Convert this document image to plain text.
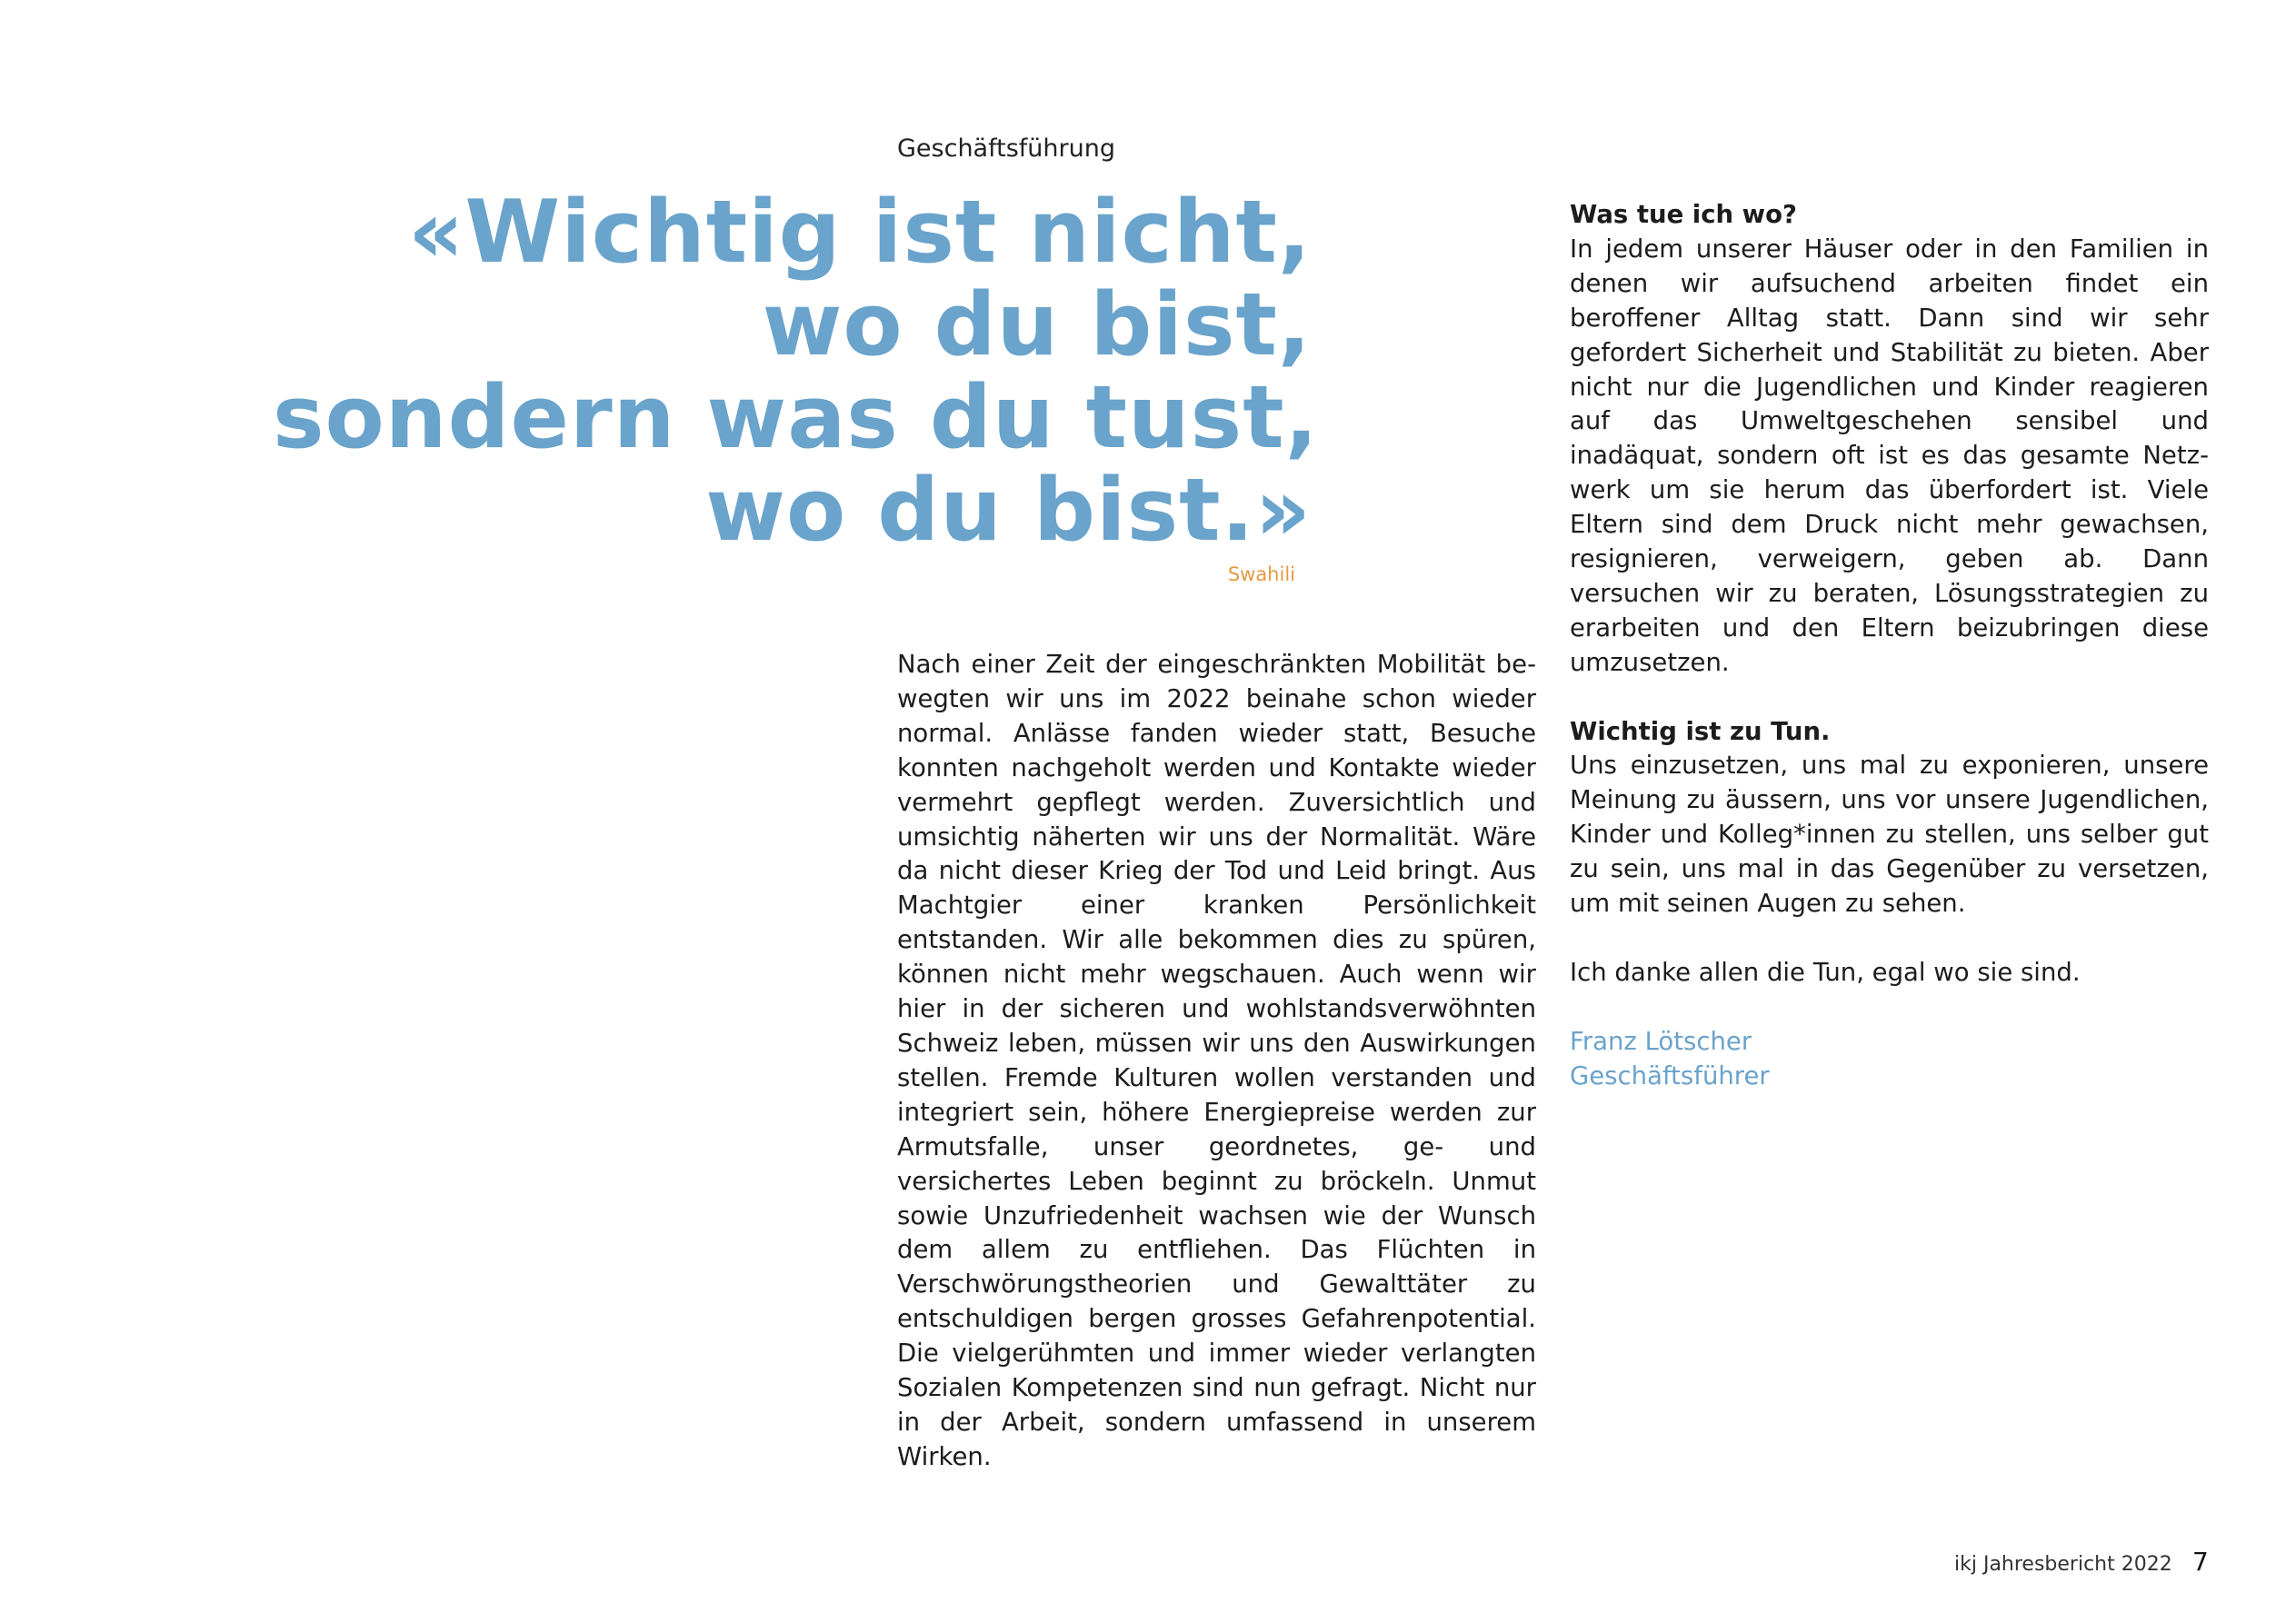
Geschäftsführung
«Wichtig ist nicht,
wo du bist,
sondern was du tust,
wo du bist.»
Swahili

Nach einer Zeit der eingeschränkten Mobilität bewegten wir uns im 2022 beinahe schon wieder normal. Anlässe fanden wieder statt, Besuche konnten nachgeholt werden und Kontakte wieder vermehrt gepflegt werden. Zuversichtlich und umsichtig näherten wir uns der Normalität. Wäre da nicht dieser Krieg der Tod und Leid bringt. Aus Machtgier einer kranken Persönlichkeit entstanden. Wir alle bekommen dies zu spüren, können nicht mehr wegschauen. Auch wenn wir hier in der sicheren und wohlstandsverwöhnten Schweiz leben, müssen wir uns den Auswirkungen stellen. Fremde Kulturen wollen verstanden und integriert sein, höhere Energiepreise werden zur Armutsfalle, unser geordnetes, ge- und versichertes Leben beginnt zu bröckeln. Unmut sowie Unzufriedenheit wachsen wie der Wunsch dem allem zu entfliehen. Das Flüchten in Verschwörungstheorien und Gewalttäter zu entschuldigen bergen grosses Gefahrenpotential. Die vielgerühmten und immer wieder verlangten Sozialen Kompetenzen sind nun gefragt. Nicht nur in der Arbeit, sondern umfassend in unserem Wirken.

Was tue ich wo?

In jedem unserer Häuser oder in den Familien in denen wir aufsuchend arbeiten findet ein beroffener Alltag statt. Dann sind wir sehr gefordert Sicherheit und Stabilität zu bieten. Aber nicht nur die Jugendlichen und Kinder reagieren auf das Umweltgeschehen sensibel und inadäquat, sondern oft ist es das gesamte Netzwerk um sie herum das überfordert ist. Viele Eltern sind dem Druck nicht mehr gewachsen, resignieren, verweigern, geben ab. Dann versuchen wir zu beraten, Lösungsstrategien zu erarbeiten und den Eltern beizubringen diese umzusetzen.

Wichtig ist zu Tun.

Uns einzusetzen, uns mal zu exponieren, unsere Meinung zu äussern, uns vor unsere Jugendlichen, Kinder und Kolleg*innen zu stellen, uns selber gut zu sein, uns mal in das Gegenüber zu versetzen, um mit seinen Augen zu sehen.

Ich danke allen die Tun, egal wo sie sind.

Franz Lötscher
Geschäftsführer
ikj Jahresbericht 2022 7
